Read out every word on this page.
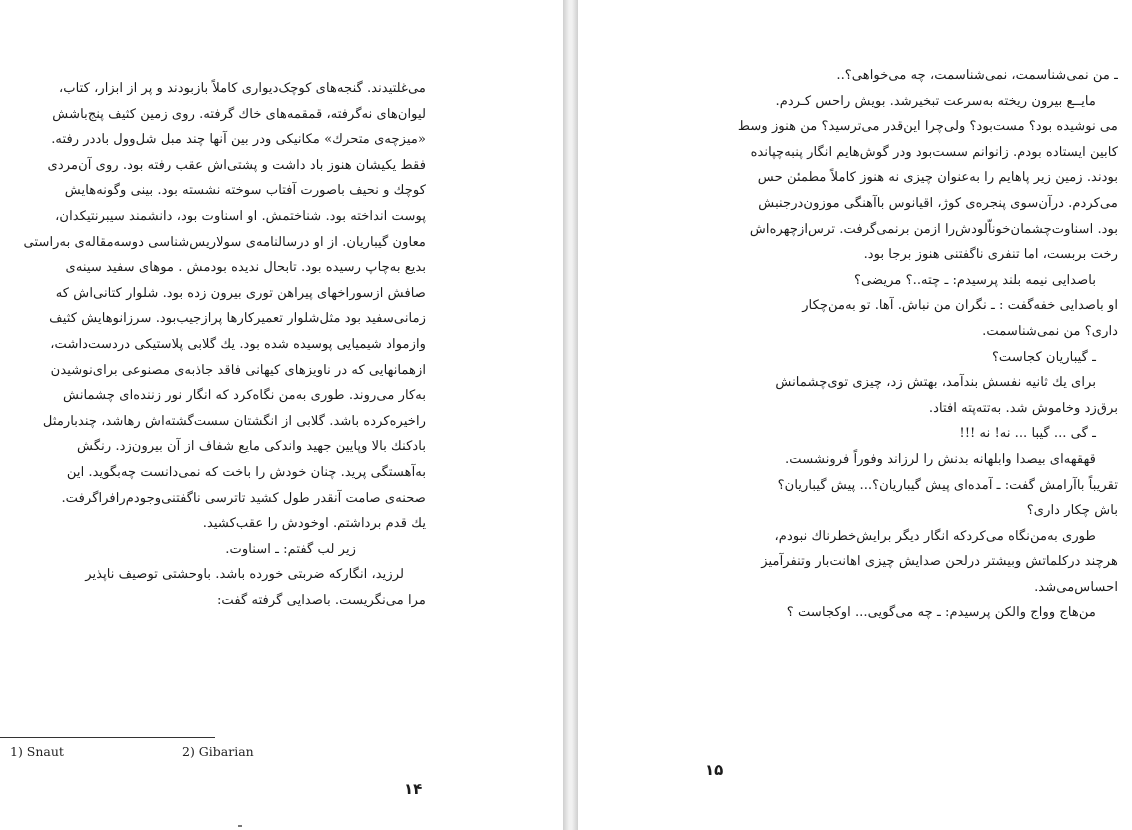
می‌غلتیدند. گنجه‌های کوچک‌دیواری کاملاً بازبودند و پر از ابزار، کتاب،

لیوان‌های نه‌گرفته، قمقمه‌های خاك گرفته. روی زمین کثیف پنج‌باشش

«میزچه‌ی متحرك» مکانیکی ودر بین آنها چند مبل شل‌وول باددر رفته.

فقط یکیشان هنوز باد داشت و پشتی‌اش عقب رفته بود. روی آن‌مردی

کوچك و نحیف باصورت آفتاب سوخته نشسته بود. بینی وگونه‌هایش

پوست انداخته بود. شناختمش. او اسناوت بود، دانشمند سیبرنتیکدان،

معاون گیباریان. از او درسالنامه‌ی سولاریس‌شناسی دوسه‌مقاله‌ی به‌راستی

بدیع به‌چاپ رسیده بود. تابحال ندیده بودمش . موهای سفید سینه‌ی

صافش ازسوراخهای پیراهن توری بیرون زده بود. شلوار کتانی‌اش که

زمانی‌سفید بود مثل‌شلوار تعمیرکارها پرازجیب‌بود. سرزانوهایش کثیف

وازمواد شیمیایی پوسیده شده بود. یك گلابی پلاستیکی دردست‌داشت،

ازهمانهایی که در ناویزهای کیهانی فاقد جاذبه‌ی مصنوعی برای‌نوشیدن

به‌کار می‌روند. طوری به‌من نگاه‌کرد که انگار نور زننده‌ای چشمانش

راخیره‌کرده باشد. گلابی از انگشتان سست‌گشته‌اش رهاشد، چندبارمثل

بادکنك بالا وپایین جهید واندکی مایع شفاف از آن بیرون‌زد. رنگش

به‌آهستگی پرید. چنان خودش را باخت که نمی‌دانست چه‌بگوید. این

صحنه‌ی صامت آنقدر طول کشید تاترسی ناگفتنی‌وجودم‌رافراگرفت.

یك قدم برداشتم. اوخودش را عقب‌کشید.

زیر لب گفتم: ـ اسناوت.

لرزید، انگارکه ضربتی خورده باشد. باوحشتی توصیف ناپذیر

مرا می‌نگریست. باصدایی گرفته گفت:

1) Snaut	2) Gibarian
۱۴

ـ من نمی‌شناسمت، نمی‌شناسمت، چه می‌خواهی؟..

مایــع بیرون ریخته به‌سرعت تبخیرشد. بویش راحس کـردم.

می نوشیده بود؟ مست‌بود؟ ولی‌چرا این‌قدر می‌ترسید؟ من هنوز وسط

کابین ایستاده بودم. زانوانم سست‌بود ودر گوش‌هایم انگار پنبه‌چپانده

بودند. زمین زیر پاهایم را به‌عنوان چیزی نه هنوز کاملاً مطمئن حس

می‌کردم. درآن‌سوی پنجره‌ی کوژ، اقیانوس باآهنگی موزون‌درجنبش

بود. اسناوت‌چشمان‌خوناّلودش‌را ازمن برنمی‌گرفت. ترس‌ازچهره‌اش

رخت بربست، اما تنفری ناگفتنی هنوز برجا بود.

باصدایی نیمه بلند پرسیدم: ـ چته..؟ مریضی؟

او باصدایی خفه‌گفت : ـ نگران من نباش. آها. تو به‌من‌چکار

داری؟ من نمی‌شناسمت.

ـ گیباریان کجاست؟

برای یك ثانیه نفسش بندآمد، بهتش زد، چیزی توی‌چشمانش

برق‌زد وخاموش شد. به‌تته‌پته افتاد.

ـ گی ... گیبا ... نه! نه !!!

قهقهه‌ای بیصدا وابلهانه بدنش را لرزاند وفوراً فرونشست.

تقریباً باآرامش گفت: ـ آمده‌ای پیش گیباریان؟... پیش گیباریان؟

باش چکار داری؟

طوری به‌من‌نگاه می‌کردکه انگار دیگر برایش‌خطرناك نبودم،

هرچند درکلماتش وبیشتر درلحن صدایش چیزی اهانت‌بار وتنفرآمیز

احساس‌می‌شد.

من‌هاج وواج والکن پرسیدم: ـ چه می‌گویی... اوکجاست ؟

۱۵
